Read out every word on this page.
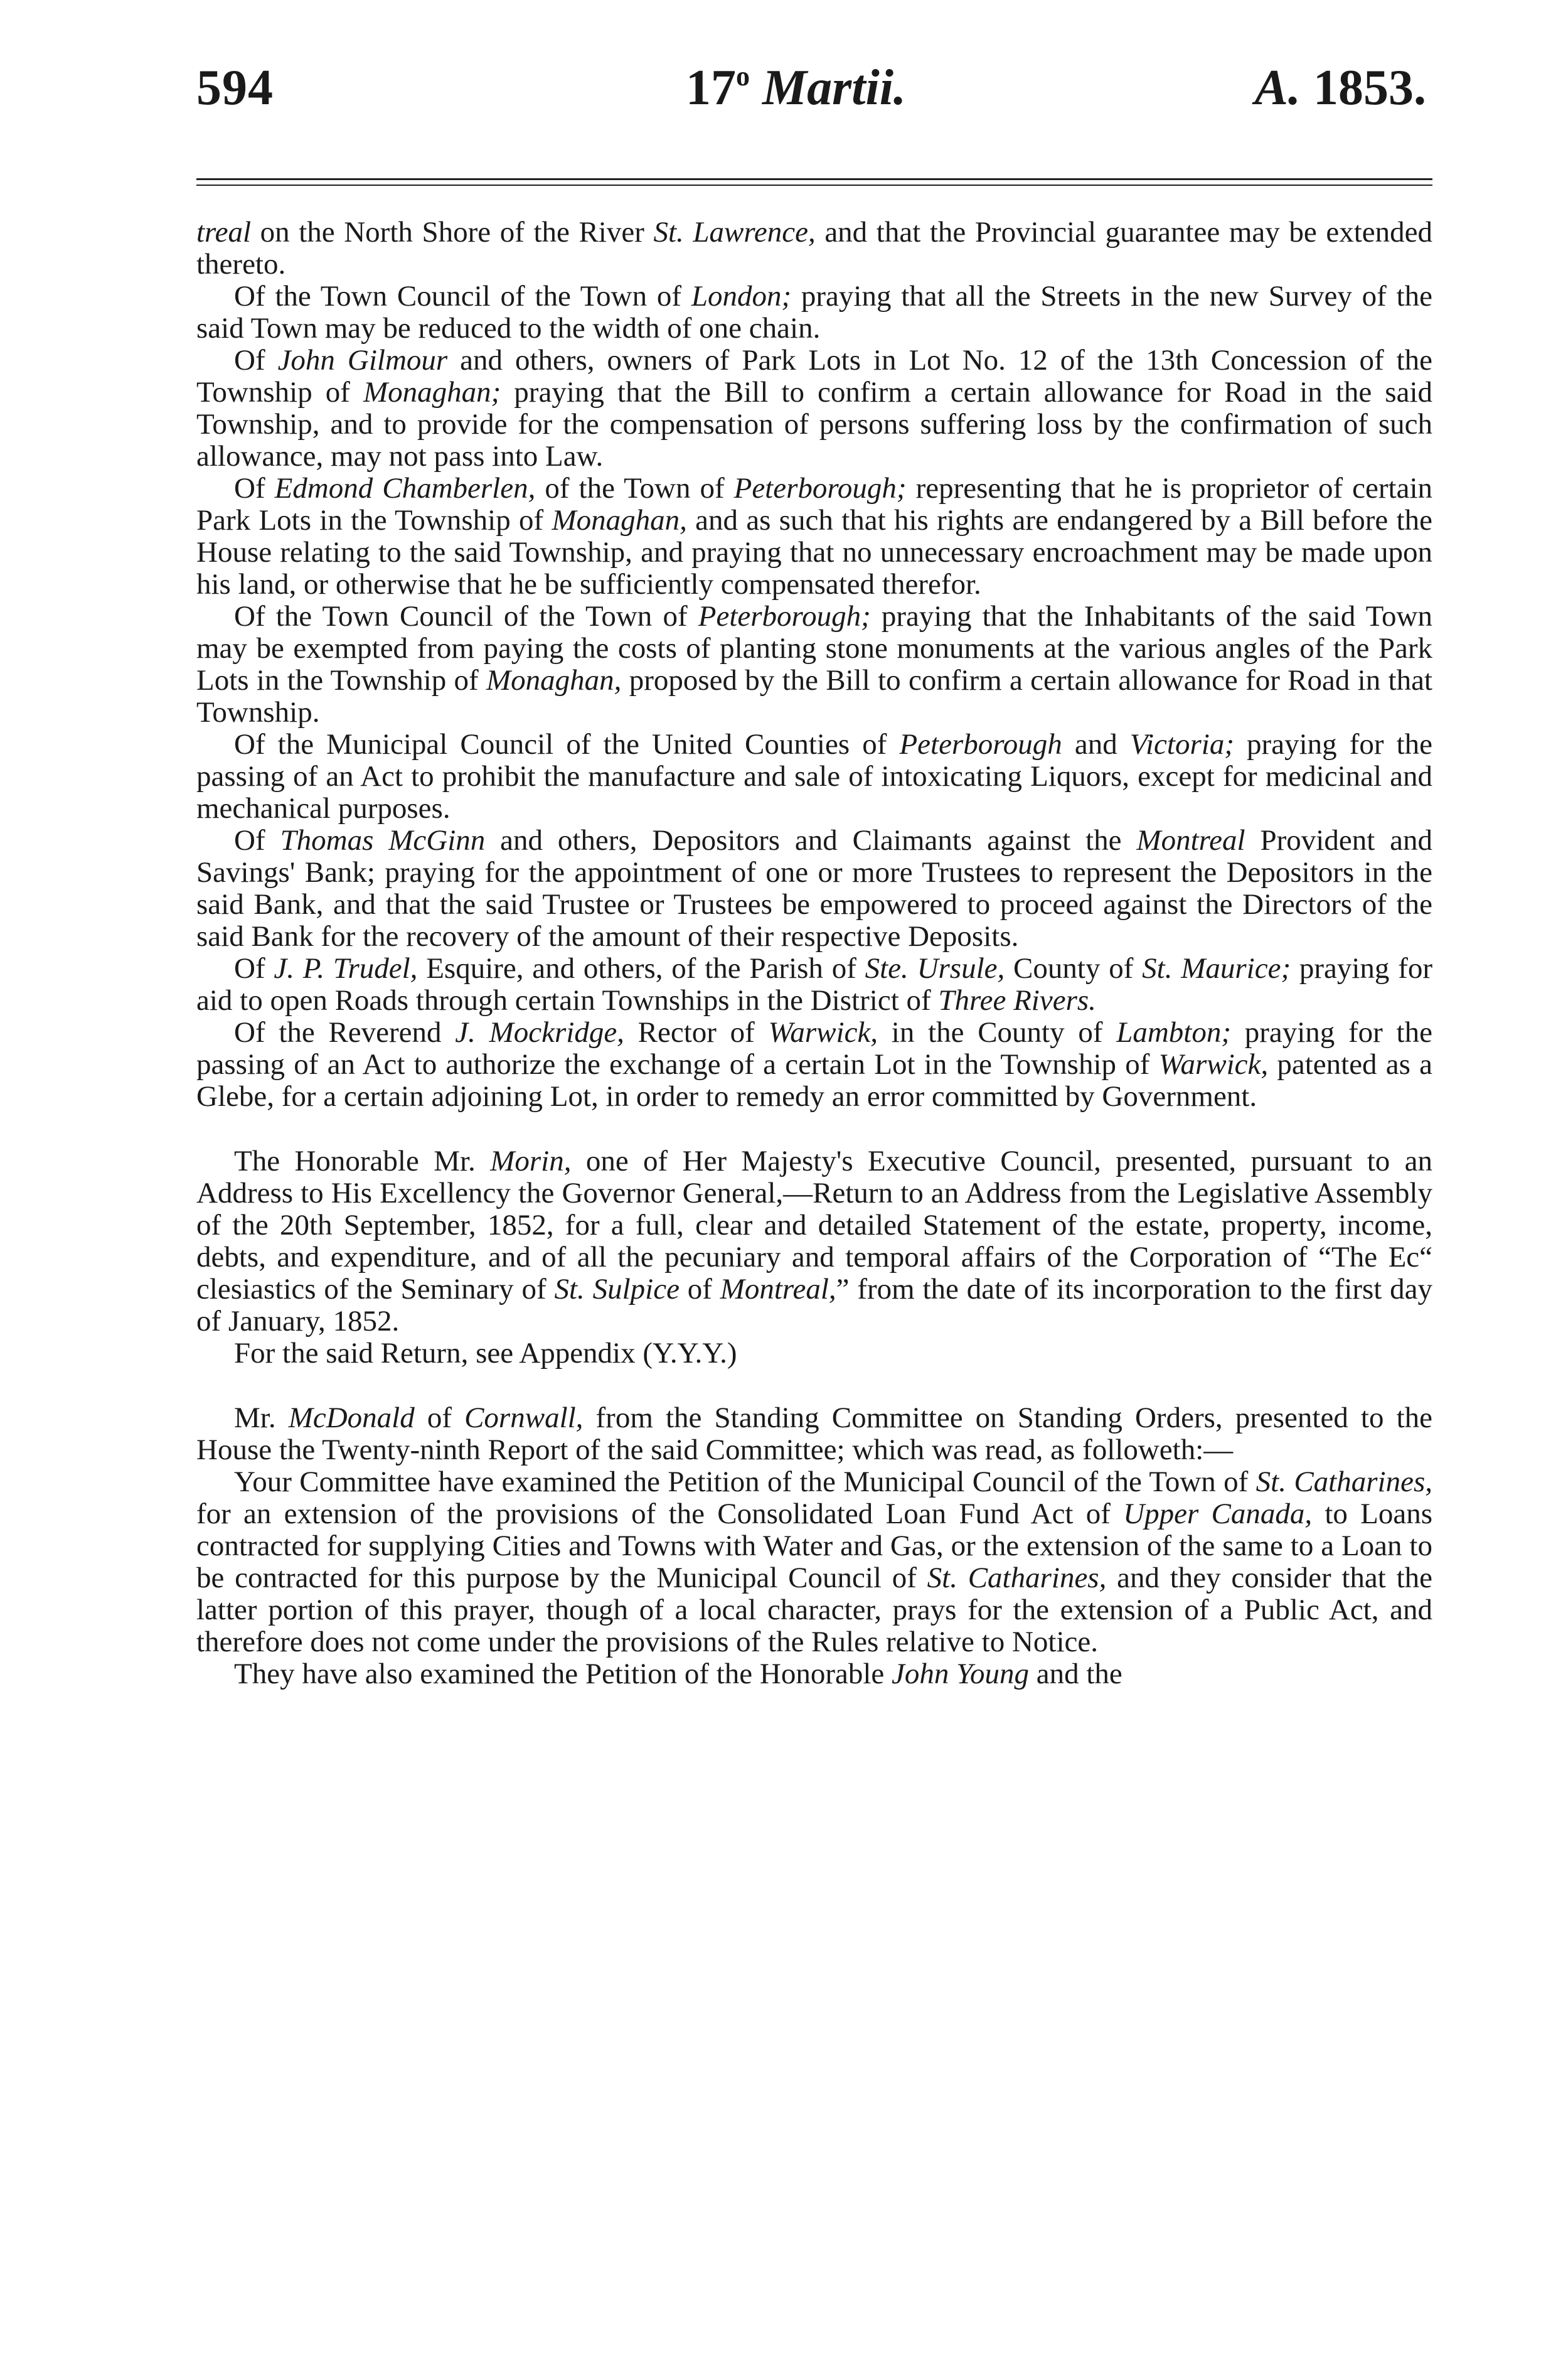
594	17$^o$ Martii.	A. 1853.

treal on the North Shore of the River St. Lawrence, and that the Provincial guarantee may be extended thereto.

Of the Town Council of the Town of London; praying that all the Streets in the new Survey of the said Town may be reduced to the width of one chain.

Of John Gilmour and others, owners of Park Lots in Lot No. 12 of the 13th Concession of the Township of Monaghan; praying that the Bill to confirm a certain allowance for Road in the said Township, and to provide for the compensation of persons suffering loss by the confirmation of such allowance, may not pass into Law.

Of Edmond Chamberlen, of the Town of Peterborough; representing that he is proprietor of certain Park Lots in the Township of Monaghan, and as such that his rights are endangered by a Bill before the House relating to the said Township, and praying that no unnecessary encroachment may be made upon his land, or otherwise that he be sufficiently compensated therefor.

Of the Town Council of the Town of Peterborough; praying that the Inhabitants of the said Town may be exempted from paying the costs of planting stone monuments at the various angles of the Park Lots in the Township of Monaghan, proposed by the Bill to confirm a certain allowance for Road in that Township.

Of the Municipal Council of the United Counties of Peterborough and Victoria; praying for the passing of an Act to prohibit the manufacture and sale of intoxicating Liquors, except for medicinal and mechanical purposes.

Of Thomas McGinn and others, Depositors and Claimants against the Montreal Provident and Savings' Bank; praying for the appointment of one or more Trustees to represent the Depositors in the said Bank, and that the said Trustee or Trustees be empowered to proceed against the Directors of the said Bank for the recovery of the amount of their respective Deposits.

Of J. P. Trudel, Esquire, and others, of the Parish of Ste. Ursule, County of St. Maurice; praying for aid to open Roads through certain Townships in the District of Three Rivers.

Of the Reverend J. Mockridge, Rector of Warwick, in the County of Lambton; praying for the passing of an Act to authorize the exchange of a certain Lot in the Township of Warwick, patented as a Glebe, for a certain adjoining Lot, in order to remedy an error committed by Government.

The Honorable Mr. Morin, one of Her Majesty's Executive Council, presented, pursuant to an Address to His Excellency the Governor General,—Return to an Address from the Legislative Assembly of the 20th September, 1852, for a full, clear and detailed Statement of the estate, property, income, debts, and expenditure, and of all the pecuniary and temporal affairs of the Corporation of “The Ec“ clesiastics of the Seminary of St. Sulpice of Montreal,” from the date of its incorporation to the first day of January, 1852.

For the said Return, see Appendix (Y.Y.Y.)

Mr. McDonald of Cornwall, from the Standing Committee on Standing Orders, presented to the House the Twenty-ninth Report of the said Committee; which was read, as followeth:—

Your Committee have examined the Petition of the Municipal Council of the Town of St. Catharines, for an extension of the provisions of the Consolidated Loan Fund Act of Upper Canada, to Loans contracted for supplying Cities and Towns with Water and Gas, or the extension of the same to a Loan to be contracted for this purpose by the Municipal Council of St. Catharines, and they consider that the latter portion of this prayer, though of a local character, prays for the extension of a Public Act, and therefore does not come under the provisions of the Rules relative to Notice.

They have also examined the Petition of the Honorable John Young and the
